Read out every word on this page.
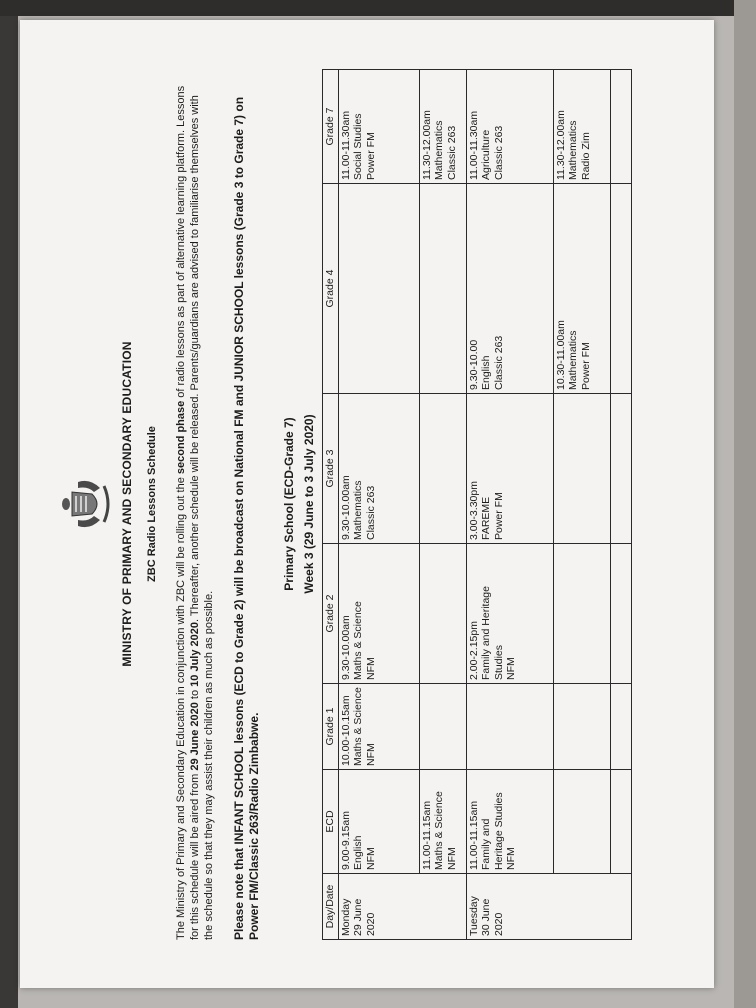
MINISTRY OF PRIMARY AND SECONDARY EDUCATION ZBC Radio Lessons Schedule The Ministry of Primary and Secondary Education in conjunction with ZBC will be rolling out the second phase of radio lessons as part of alternative learning platform. Lessons for this schedule will be aired from 29 June 2020 to 10 July 2020. Thereafter, another schedule will be released. Parents/guardians are advised to familiarise themselves with the schedule so that they may assist their children as much as possible. Please note that INFANT SCHOOL lessons (ECD to Grade 2) will be broadcast on National FM and JUNIOR SCHOOL lessons (Grade 3 to Grade 7) on Power FM/Classic 263/Radio Zimbabwe.

Primary School (ECD-Grade 7) Week 3 (29 June to 3 July 2020)

Day/Date	ECD	Grade 1	Grade 2	Grade 3	Grade 4	Grade 7

Monday 29 June 2020	9.00-9.15am English NFM	10.00-10.15am Maths & Science NFM	9.30-10.00am Maths & Science NFM	9.30-10.00am Mathematics Classic 263		11.00-11.30am Social Studies Power FM

	11.00-11.15am Maths & Science NFM					11.30-12.00am Mathematics Classic 263

Tuesday 30 June 2020	11.00-11.15am Family and Heritage Studies NFM		2.00-2.15pm Family and Heritage Studies NFM	3.00-3.30pm FAREME Power FM	9.30-10.00 English Classic 263	11.00-11.30am Agriculture Classic 263

					10.30-11.00am Mathematics Power FM	11.30-12.00am Mathematics Radio Zim
